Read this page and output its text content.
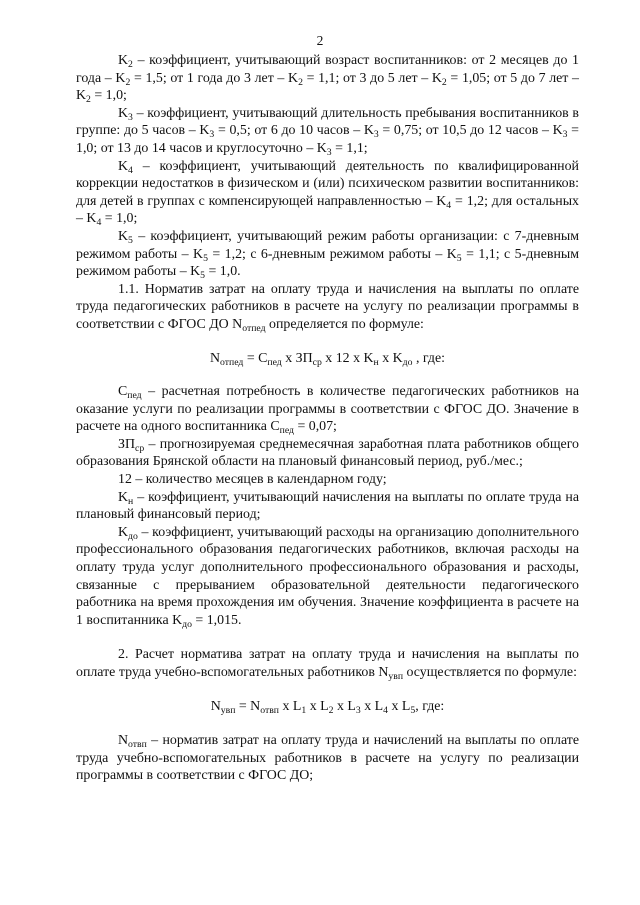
2

$K_2$ – коэффициент, учитывающий возраст воспитанников: от 2 месяцев до 1 года – $K_2 = 1,5$; от 1 года до 3 лет – $K_2 = 1,1$; от 3 до 5 лет – $K_2 = 1,05$; от 5 до 7 лет – $K_2 = 1,0$;

$K_3$ – коэффициент, учитывающий длительность пребывания воспитанников в группе: до 5 часов – $K_3 = 0,5$; от 6 до 10 часов – $K_3 = 0,75$; от 10,5 до 12 часов – $K_3 = 1,0$; от 13 до 14 часов и круглосуточно – $K_3 = 1,1$;

$K_4$ – коэффициент, учитывающий деятельность по квалифицированной коррекции недостатков в физическом и (или) психическом развитии воспитанников: для детей в группах с компенсирующей направленностью – $K_4 = 1,2$; для остальных – $K_4 = 1,0$;

$K_5$ – коэффициент, учитывающий режим работы организации: с 7-дневным режимом работы – $K_5 = 1,2$; с 6-дневным режимом работы – $K_5 = 1,1$; с 5-дневным режимом работы – $K_5 = 1,0$.

1.1. Норматив затрат на оплату труда и начисления на выплаты по оплате труда педагогических работников в расчете на услугу по реализации программы в соответствии с ФГОС ДО $N_{отпед}$ определяется по формуле:

$N_{отпед} = C_{пед}$ x $ЗП_{ср}$ x 12 x $K_н$ x $K_{до}$ , где:

$C_{пед}$ – расчетная потребность в количестве педагогических работников на оказание услуги по реализации программы в соответствии с ФГОС ДО. Значение в расчете на одного воспитанника $C_{пед} = 0,07$;

$ЗП_{ср}$ – прогнозируемая среднемесячная заработная плата работников общего образования Брянской области на плановый финансовый период, руб./мес.;

12 – количество месяцев в календарном году;

$K_н$ – коэффициент, учитывающий начисления на выплаты по оплате труда на плановый финансовый период;

$K_{до}$ – коэффициент, учитывающий расходы на организацию дополнительного профессионального образования педагогических работников, включая расходы на оплату труда услуг дополнительного профессионального образования и расходы, связанные с прерыванием образовательной деятельности педагогического работника на время прохождения им обучения. Значение коэффициента в расчете на 1 воспитанника $K_{до} = 1,015$.

2. Расчет норматива затрат на оплату труда и начисления на выплаты по оплате труда учебно-вспомогательных работников $N_{увп}$ осуществляется по формуле:

$N_{увп} = N_{отвп}$ x $L_1$ x $L_2$ x $L_3$ x $L_4$ x $L_5$, где:

$N_{отвп}$ – норматив затрат на оплату труда и начислений на выплаты по оплате труда учебно-вспомогательных работников в расчете на услугу по реализации программы в соответствии с ФГОС ДО;
